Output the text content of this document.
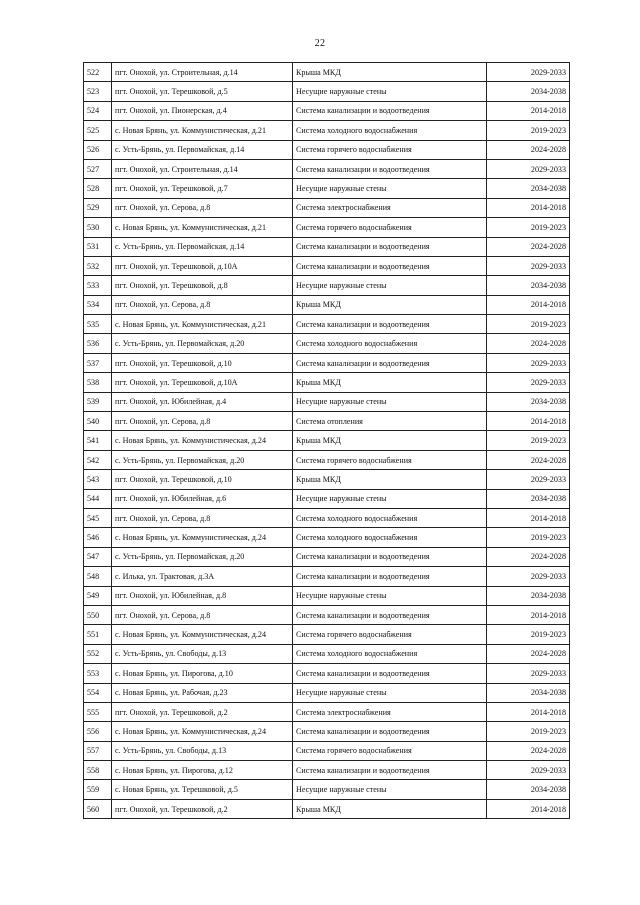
22
522	пгт. Онохой, ул. Строительная, д.14	Крыша МКД	2029-2033
523	пгт. Онохой, ул. Терешковой, д.5	Несущие наружные стены	2034-2038
524	пгт. Онохой, ул. Пионерская, д.4	Система канализации и водоотведения	2014-2018
525	с. Новая Брянь, ул. Коммунистическая, д.21	Система холодного водоснабжения	2019-2023
526	с. Усть-Брянь, ул. Первомайская, д.14	Система горячего водоснабжения	2024-2028
527	пгт. Онохой, ул. Строительная, д.14	Система канализации и водоотведения	2029-2033
528	пгт. Онохой, ул. Терешковой, д.7	Несущие наружные стены	2034-2038
529	пгт. Онохой, ул. Серова, д.8	Система электроснабжения	2014-2018
530	с. Новая Брянь, ул. Коммунистическая, д.21	Система горячего водоснабжения	2019-2023
531	с. Усть-Брянь, ул. Первомайская, д.14	Система канализации и водоотведения	2024-2028
532	пгт. Онохой, ул. Терешковой, д.10А	Система канализации и водоотведения	2029-2033
533	пгт. Онохой, ул. Терешковой, д.8	Несущие наружные стены	2034-2038
534	пгт. Онохой, ул. Серова, д.8	Крыша МКД	2014-2018
535	с. Новая Брянь, ул. Коммунистическая, д.21	Система канализации и водоотведения	2019-2023
536	с. Усть-Брянь, ул. Первомайская, д.20	Система холодного водоснабжения	2024-2028
537	пгт. Онохой, ул. Терешковой, д.10	Система канализации и водоотведения	2029-2033
538	пгт. Онохой, ул. Терешковой, д.10А	Крыша МКД	2029-2033
539	пгт. Онохой, ул. Юбилейная, д.4	Несущие наружные стены	2034-2038
540	пгт. Онохой, ул. Серова, д.8	Система отопления	2014-2018
541	с. Новая Брянь, ул. Коммунистическая, д.24	Крыша МКД	2019-2023
542	с. Усть-Брянь, ул. Первомайская, д.20	Система горячего водоснабжения	2024-2028
543	пгт. Онохой, ул. Терешковой, д.10	Крыша МКД	2029-2033
544	пгт. Онохой, ул. Юбилейная, д.6	Несущие наружные стены	2034-2038
545	пгт. Онохой, ул. Серова, д.8	Система холодного водоснабжения	2014-2018
546	с. Новая Брянь, ул. Коммунистическая, д.24	Система холодного водоснабжения	2019-2023
547	с. Усть-Брянь, ул. Первомайская, д.20	Система канализации и водоотведения	2024-2028
548	с. Илька, ул. Трактовая, д.3А	Система канализации и водоотведения	2029-2033
549	пгт. Онохой, ул. Юбилейная, д.8	Несущие наружные стены	2034-2038
550	пгт. Онохой, ул. Серова, д.8	Система канализации и водоотведения	2014-2018
551	с. Новая Брянь, ул. Коммунистическая, д.24	Система горячего водоснабжения	2019-2023
552	с. Усть-Брянь, ул. Свободы, д.13	Система холодного водоснабжения	2024-2028
553	с. Новая Брянь, ул. Пирогова, д.10	Система канализации и водоотведения	2029-2033
554	с. Новая Брянь, ул. Рабочая, д.23	Несущие наружные стены	2034-2038
555	пгт. Онохой, ул. Терешковой, д.2	Система электроснабжения	2014-2018
556	с. Новая Брянь, ул. Коммунистическая, д.24	Система канализации и водоотведения	2019-2023
557	с. Усть-Брянь, ул. Свободы, д.13	Система горячего водоснабжения	2024-2028
558	с. Новая Брянь, ул. Пирогова, д.12	Система канализации и водоотведения	2029-2033
559	с. Новая Брянь, ул. Терешковой, д.5	Несущие наружные стены	2034-2038
560	пгт. Онохой, ул. Терешковой, д.2	Крыша МКД	2014-2018
